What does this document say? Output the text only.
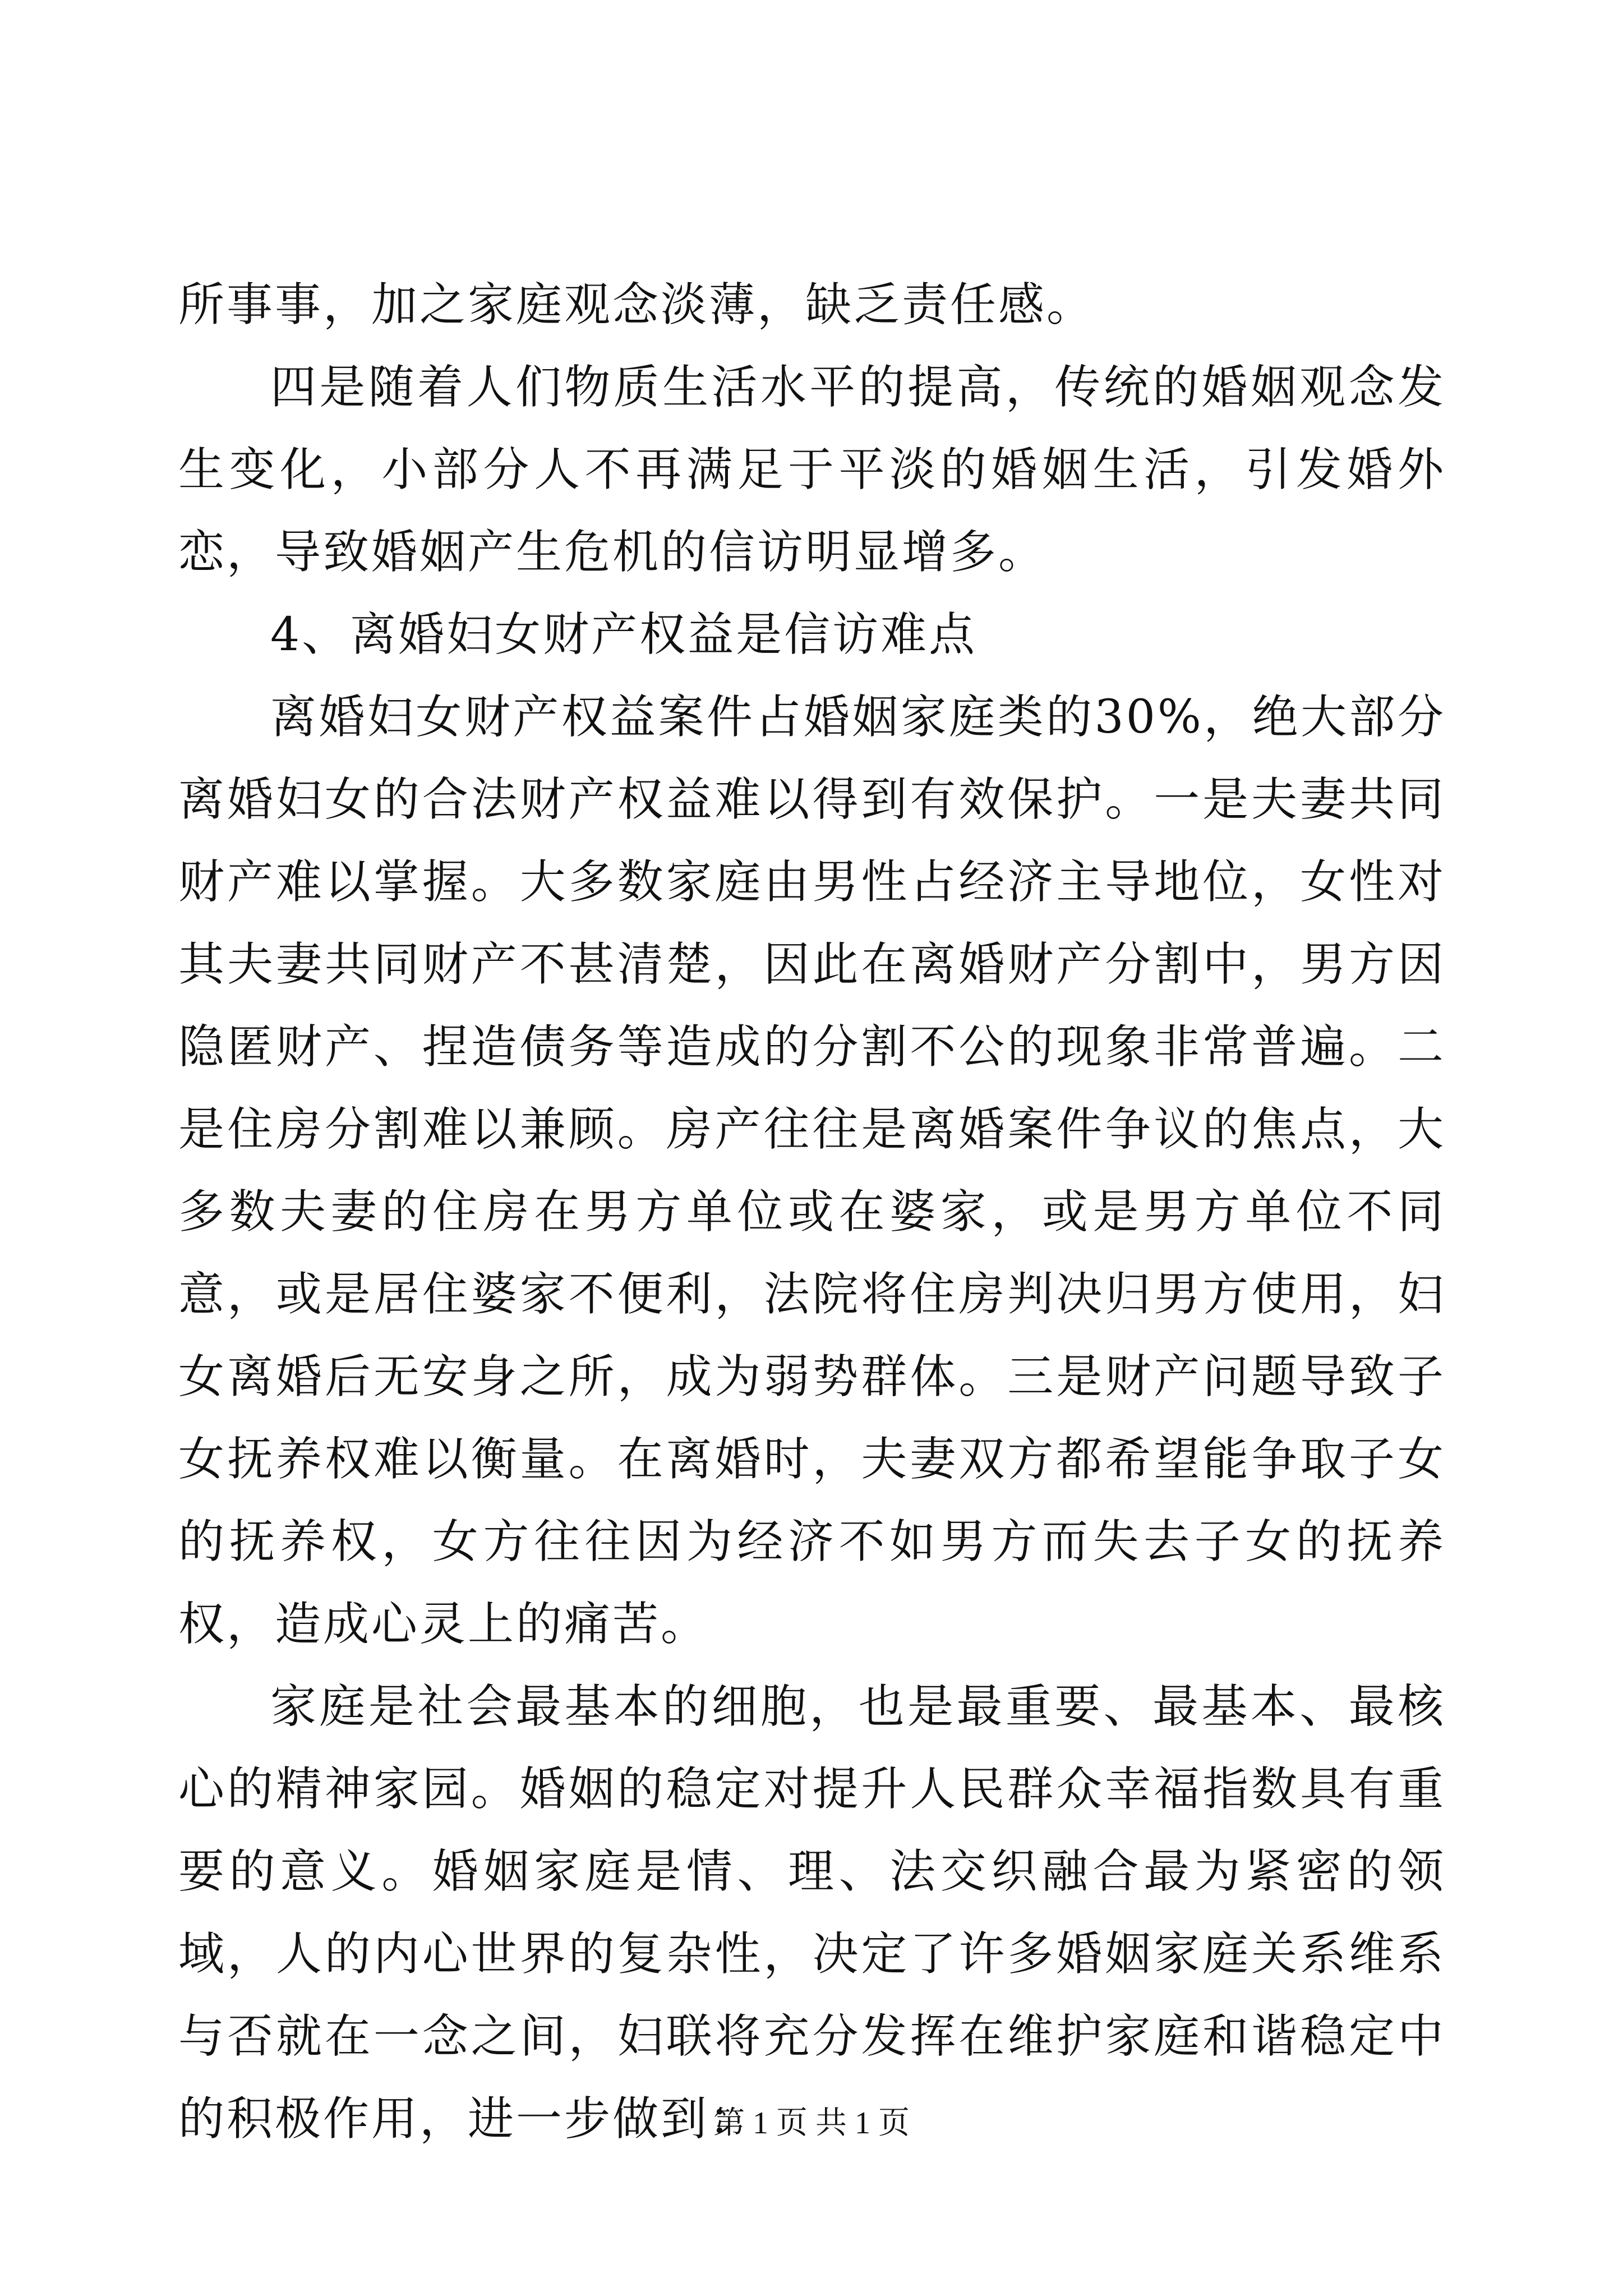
所事事，加之家庭观念淡薄，缺乏责任感。

四是随着人们物质生活水平的提高，传统的婚姻观念发生变化，小部分人不再满足于平淡的婚姻生活，引发婚外恋，导致婚姻产生危机的信访明显增多。

4、离婚妇女财产权益是信访难点

离婚妇女财产权益案件占婚姻家庭类的30%，绝大部分离婚妇女的合法财产权益难以得到有效保护。一是夫妻共同财产难以掌握。大多数家庭由男性占经济主导地位，女性对其夫妻共同财产不甚清楚，因此在离婚财产分割中，男方因隐匿财产、捏造债务等造成的分割不公的现象非常普遍。二是住房分割难以兼顾。房产往往是离婚案件争议的焦点，大多数夫妻的住房在男方单位或在婆家，或是男方单位不同意，或是居住婆家不便利，法院将住房判决归男方使用，妇女离婚后无安身之所，成为弱势群体。三是财产问题导致子女抚养权难以衡量。在离婚时，夫妻双方都希望能争取子女的抚养权，女方往往因为经济不如男方而失去子女的抚养权，造成心灵上的痛苦。

家庭是社会最基本的细胞，也是最重要、最基本、最核心的精神家园。婚姻的稳定对提升人民群众幸福指数具有重要的意义。婚姻家庭是情、理、法交织融合最为紧密的领域，人的内心世界的复杂性，决定了许多婚姻家庭关系维系与否就在一念之间，妇联将充分发挥在维护家庭和谐稳定中的积极作用，进一步做到：

第 1 页 共 1 页
